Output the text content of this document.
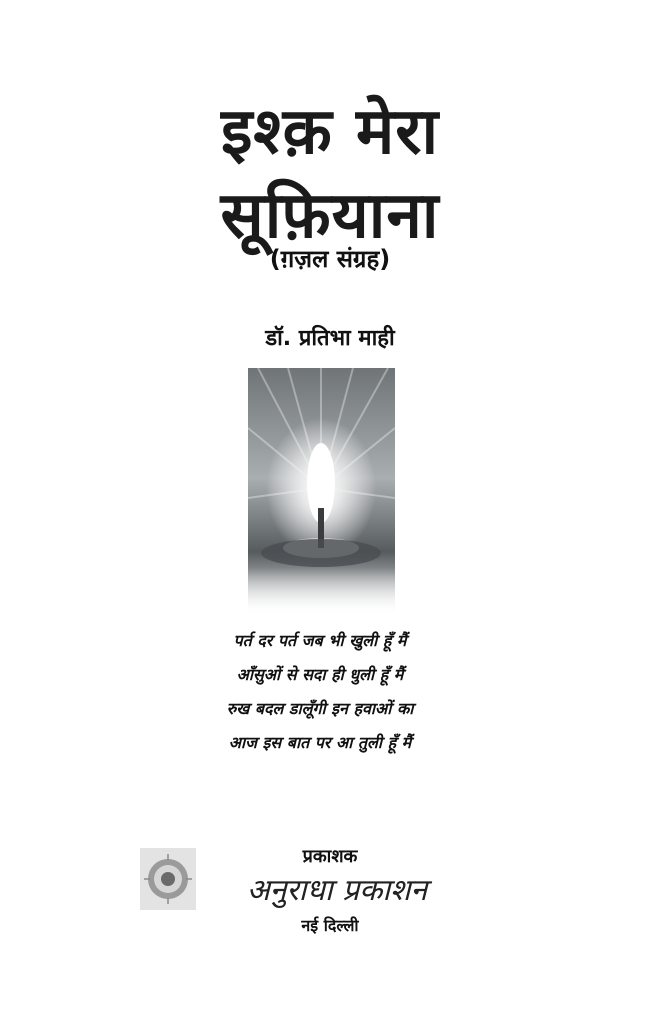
इश्क़ मेरा
सूफ़ियाना
(ग़ज़ल संग्रह)
डॉ. प्रतिभा माही
पर्त दर पर्त जब भी खुली हूँ मैं
आँसुओं से सदा ही धुली हूँ मैं
रुख बदल डालूँगी इन हवाओं का
आज इस बात पर आ तुली हूँ मैं
प्रकाशक
अनुराधा प्रकाशन
नई दिल्ली
